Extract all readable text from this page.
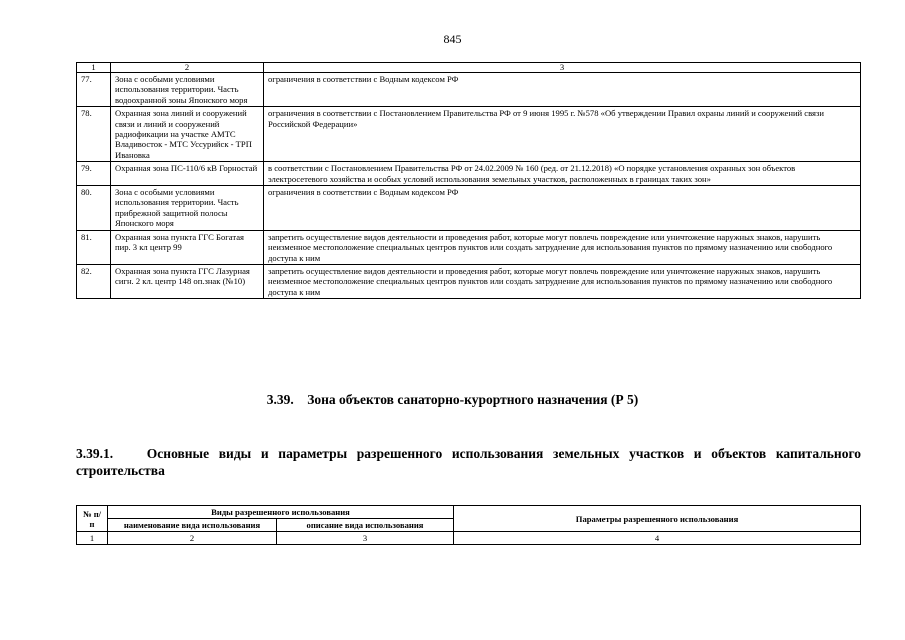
845
1	2	3
77.	Зона с особыми условиями использования территории. Часть водоохранной зоны Японского моря	ограничения в соответствии с Водным кодексом РФ
78.	Охранная зона линий и сооружений связи и линий и сооружений радиофикации на участке АМТС Владивосток - МТС Уссурийск - ТРП Ивановка	ограничения в соответствии с Постановлением Правительства РФ от 9 июня 1995 г. №578 «Об утверждении Правил охраны линий и сооружений связи Российской Федерации»
79.	Охранная зона ПС-110/6 кВ Горностай	в соответствии с Постановлением Правительства РФ от 24.02.2009 № 160 (ред. от 21.12.2018) «О порядке установления охранных зон объектов электросетевого хозяйства и особых условий использования земельных участков, расположенных в границах таких зон»
80.	Зона с особыми условиями использования территории. Часть прибрежной защитной полосы Японского моря	ограничения в соответствии с Водным кодексом РФ
81.	Охранная зона пункта ГГС Богатая пир. 3 кл центр 99	запретить осуществление видов деятельности и проведения работ, которые могут повлечь повреждение или уничтожение наружных знаков, нарушить неизменное местоположение специальных центров пунктов или создать затруднение для использования пунктов по прямому назначению или свободного доступа к ним
82.	Охранная зона пункта ГГС Лазурная сигн. 2 кл. центр 148 оп.знак (№10)	запретить осуществление видов деятельности и проведения работ, которые могут повлечь повреждение или уничтожение наружных знаков, нарушить неизменное местоположение специальных центров пунктов или создать затруднение для использования пунктов по прямому назначению или свободного доступа к ним
3.39. Зона объектов санаторно-курортного назначения (Р 5)
3.39.1. Основные виды и параметры разрешенного использования земельных участков и объектов капитального строительства
№ п/п	Виды разрешенного использования		Параметры разрешенного использования
	наименование вида использования	описание вида использования	
1	2	3	4
